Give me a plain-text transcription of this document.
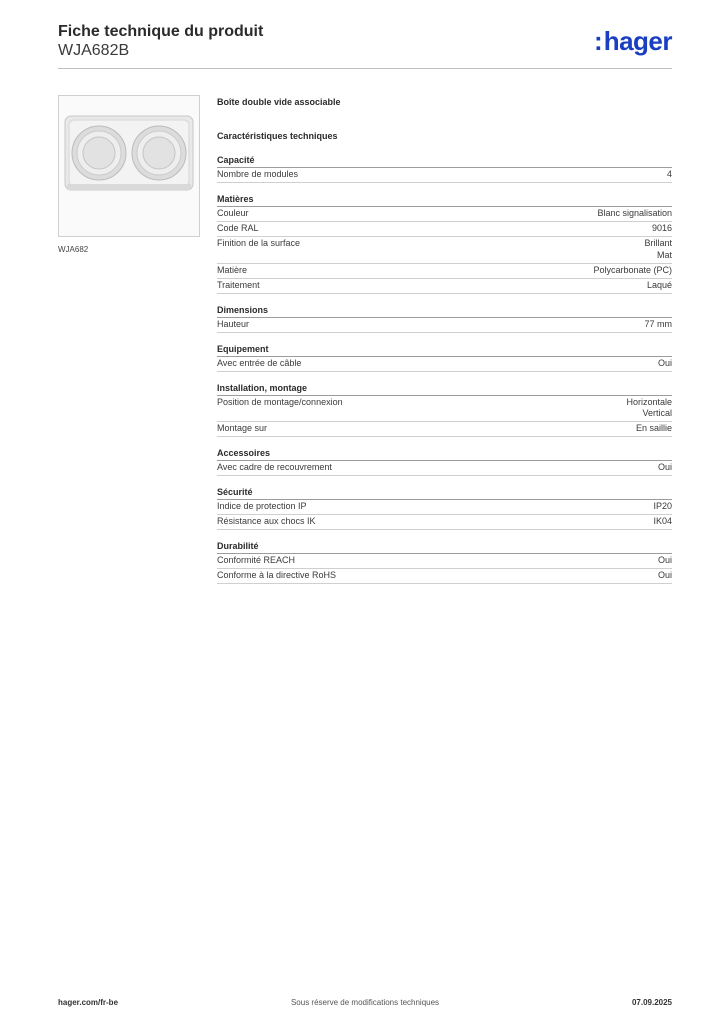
Fiche technique du produit
WJA682B	:hager
WJA682
Boîte double vide associable
Caractéristiques techniques
Capacité
Nombre de modules	4
Matières
Couleur	Blanc signalisation
Code RAL	9016
Finition de la surface	Brillant
Mat
Matière	Polycarbonate (PC)
Traitement	Laqué
Dimensions
Hauteur	77 mm
Equipement
Avec entrée de câble	Oui
Installation, montage
Position de montage/connexion	Horizontale
Vertical
Montage sur	En saillie
Accessoires
Avec cadre de recouvrement	Oui
Sécurité
Indice de protection IP	IP20
Résistance aux chocs IK	IK04
Durabilité
Conformité REACH	Oui
Conforme à la directive RoHS	Oui
hager.com/fr-be	Sous réserve de modifications techniques	07.09.2025
